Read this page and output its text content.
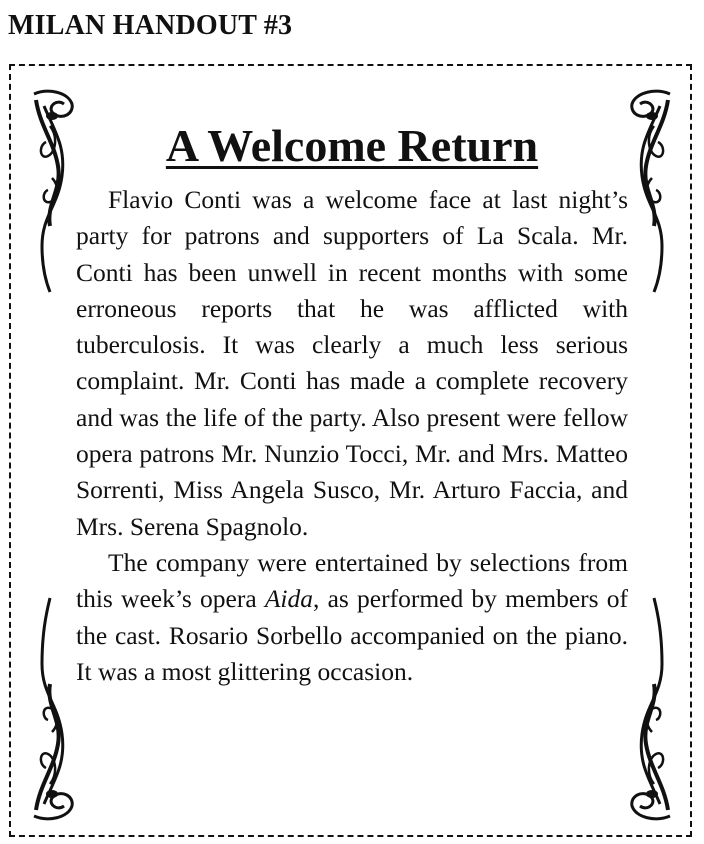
MILAN HANDOUT #3
A Welcome Return

Flavio Conti was a welcome face at last night’s party for patrons and supporters of La Scala. Mr. Conti has been unwell in recent months with some erroneous reports that he was afflicted with tuberculosis. It was clearly a much less serious complaint. Mr. Conti has made a complete recovery and was the life of the party. Also present were fellow opera patrons Mr. Nunzio Tocci, Mr. and Mrs. Matteo Sorrenti, Miss Angela Susco, Mr. Arturo Faccia, and Mrs. Serena Spagnolo.

The company were entertained by selections from this week’s opera Aida, as performed by members of the cast. Rosario Sorbello accompanied on the piano. It was a most glittering occasion.
